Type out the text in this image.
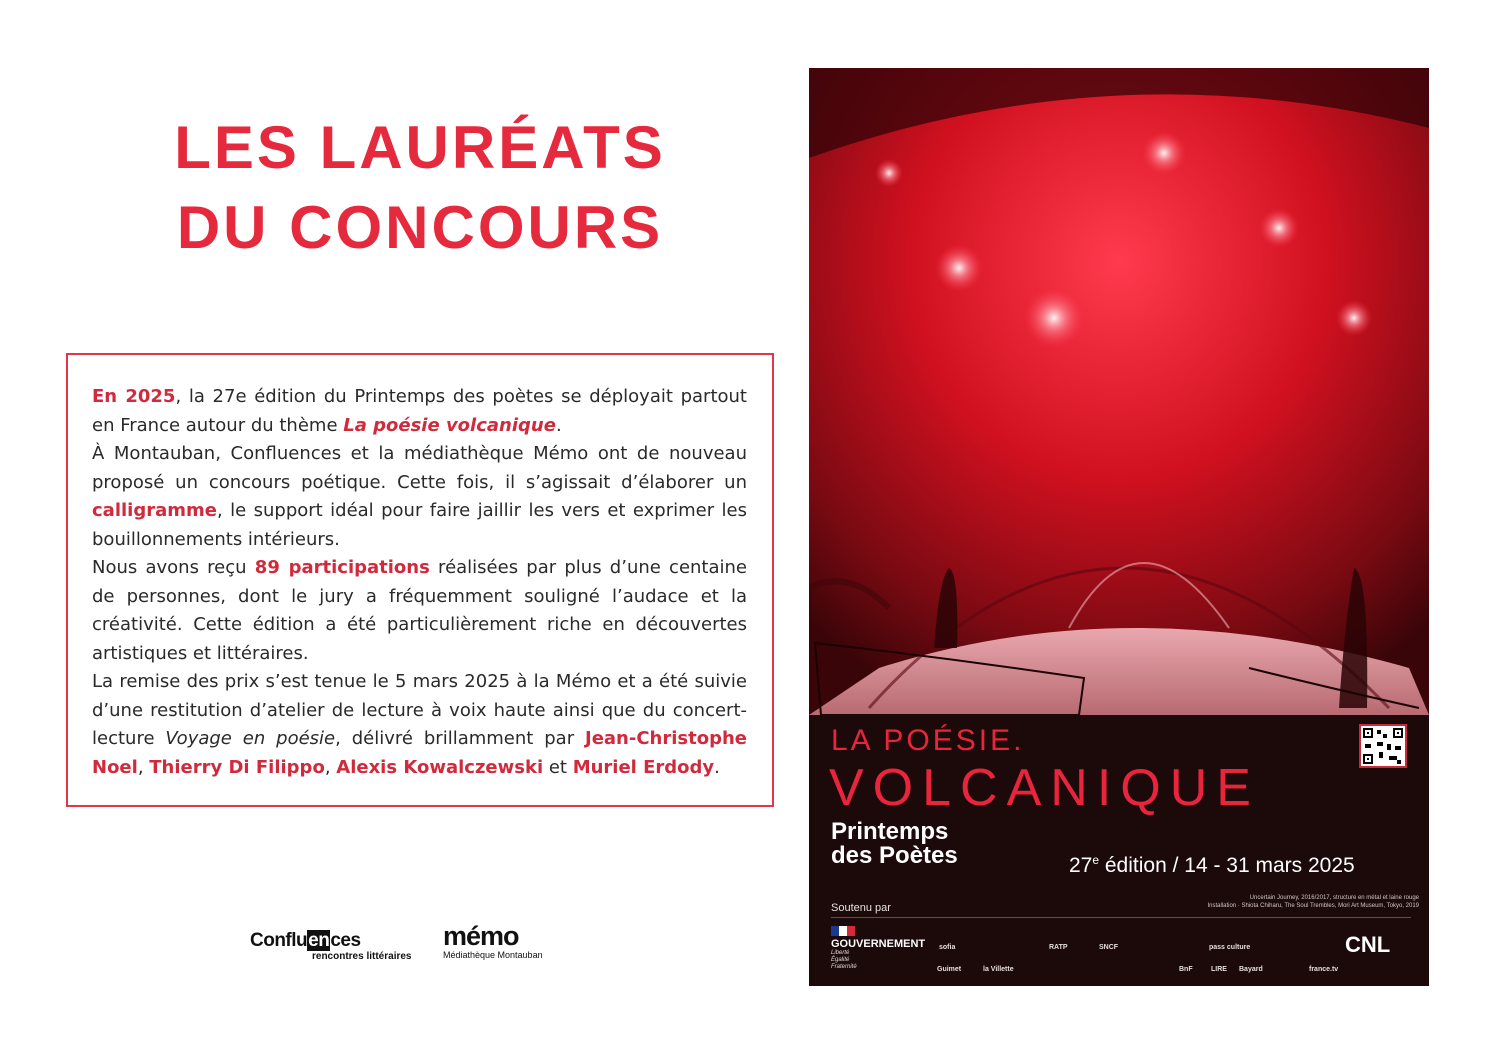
LES LAURÉATS
DU CONCOURS

En 2025, la 27e édition du Printemps des poètes se déployait partout en France autour du thème La poésie volcanique.
À Montauban, Confluences et la médiathèque Mémo ont de nouveau proposé un concours poétique. Cette fois, il s’agissait d’élaborer un calligramme, le support idéal pour faire jaillir les vers et exprimer les bouillonnements intérieurs.
Nous avons reçu 89 participations réalisées par plus d’une centaine de personnes, dont le jury a fréquemment souligné l’audace et la créativité. Cette édition a été particulièrement riche en découvertes artistiques et littéraires.
La remise des prix s’est tenue le 5 mars 2025 à la Mémo et a été suivie d’une restitution d’atelier de lecture à voix haute ainsi que du concert-lecture Voyage en poésie, délivré brillamment par Jean-Christophe Noel, Thierry Di Filippo, Alexis Kowalczewski et Muriel Erdody.

Confluences
rencontres littéraires
mémo
Médiathèque Montauban
LA POÉSIE.
VOLCANIQUE
Printemps
des Poètes	27e édition / 14 - 31 mars 2025
Uncertain Journey, 2016/2017, structure en métal et laine rouge
Installation · Shiota Chiharu, The Soul Trembles, Mori Art Museum, Tokyo, 2019
Soutenu par
GOUVERNEMENT
Liberté
Égalité
Fraternité
sofia	RATP	pass culture
SNCF
Guimet	la Villette	BnF	LIRE Bayard	france.tv
CNL
